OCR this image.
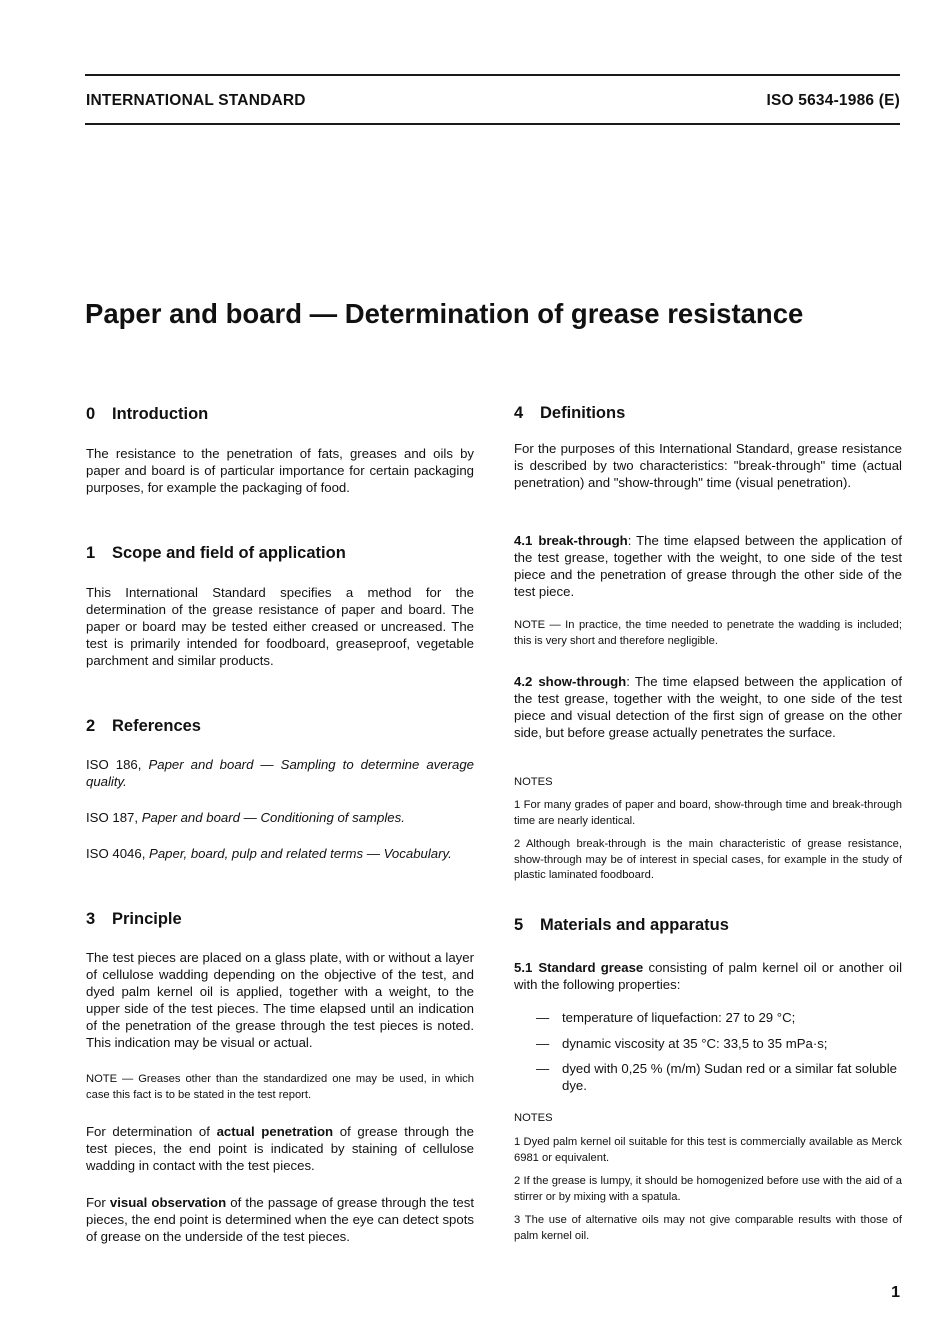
INTERNATIONAL STANDARD	ISO 5634-1986 (E)
Paper and board — Determination of grease resistance
0 Introduction

The resistance to the penetration of fats, greases and oils by paper and board is of particular importance for certain packaging purposes, for example the packaging of food.

1 Scope and field of application

This International Standard specifies a method for the determination of the grease resistance of paper and board. The paper or board may be tested either creased or uncreased. The test is primarily intended for foodboard, greaseproof, vegetable parchment and similar products.

2 References

ISO 186, Paper and board — Sampling to determine average quality.

ISO 187, Paper and board — Conditioning of samples.

ISO 4046, Paper, board, pulp and related terms — Vocabulary.

3 Principle

The test pieces are placed on a glass plate, with or without a layer of cellulose wadding depending on the objective of the test, and dyed palm kernel oil is applied, together with a weight, to the upper side of the test pieces. The time elapsed until an indication of the penetration of the grease through the test pieces is noted. This indication may be visual or actual.

NOTE — Greases other than the standardized one may be used, in which case this fact is to be stated in the test report.

For determination of actual penetration of grease through the test pieces, the end point is indicated by staining of cellulose wadding in contact with the test pieces.

For visual observation of the passage of grease through the test pieces, the end point is determined when the eye can detect spots of grease on the underside of the test pieces.

4 Definitions

For the purposes of this International Standard, grease resistance is described by two characteristics: "break-through" time (actual penetration) and "show-through" time (visual penetration).

4.1 break-through: The time elapsed between the application of the test grease, together with the weight, to one side of the test piece and the penetration of grease through the other side of the test piece.

NOTE — In practice, the time needed to penetrate the wadding is included; this is very short and therefore negligible.

4.2 show-through: The time elapsed between the application of the test grease, together with the weight, to one side of the test piece and visual detection of the first sign of grease on the other side, but before grease actually penetrates the surface.

NOTES

1 For many grades of paper and board, show-through time and break-through time are nearly identical.

2 Although break-through is the main characteristic of grease resistance, show-through may be of interest in special cases, for example in the study of plastic laminated foodboard.

5 Materials and apparatus

5.1 Standard grease consisting of palm kernel oil or another oil with the following properties:

— temperature of liquefaction: 27 to 29 °C;
— dynamic viscosity at 35 °C: 33,5 to 35 mPa·s;
— dyed with 0,25 % (m/m) Sudan red or a similar fat soluble dye.

NOTES

1 Dyed palm kernel oil suitable for this test is commercially available as Merck 6981 or equivalent.

2 If the grease is lumpy, it should be homogenized before use with the aid of a stirrer or by mixing with a spatula.

3 The use of alternative oils may not give comparable results with those of palm kernel oil.

1
